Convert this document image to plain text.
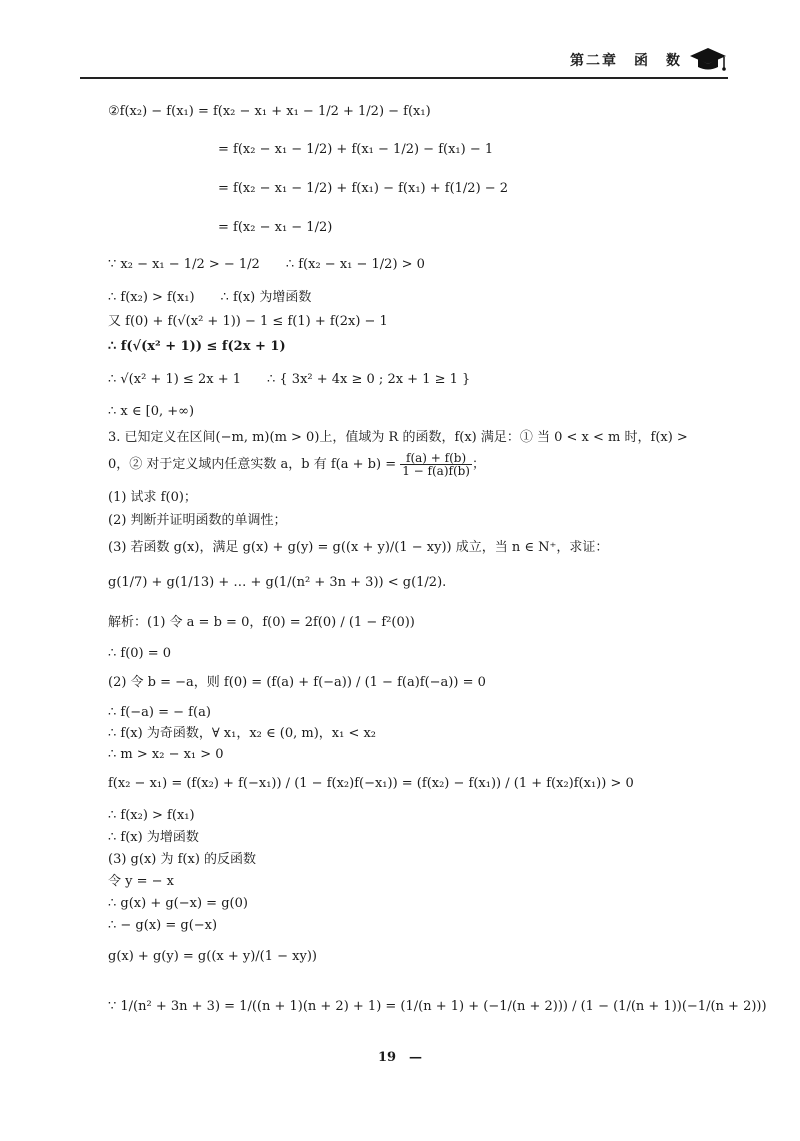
第二章　函　数
②f(x₂) − f(x₁) = f(x₂ − x₁ + x₁ − 1/2 + 1/2) − f(x₁)
= f(x₂ − x₁ − 1/2) + f(x₁ − 1/2) − f(x₁) − 1
= f(x₂ − x₁ − 1/2) + f(x₁) − f(x₁) + f(1/2) − 2
= f(x₂ − x₁ − 1/2)
∵ x₂ − x₁ − 1/2 > − 1/2　　∴ f(x₂ − x₁ − 1/2) > 0
∴ f(x₂) > f(x₁)　　∴ f(x) 为增函数
又 f(0) + f(√(x² + 1)) − 1 ≤ f(1) + f(2x) − 1
∴ f(√(x² + 1)) ≤ f(2x + 1)
∴ √(x² + 1) ≤ 2x + 1　　∴ { 3x² + 4x ≥ 0 ; 2x + 1 ≥ 1 }
∴ x ∈ [0, +∞)
3. 已知定义在区间(−m, m)(m > 0)上，值域为 R 的函数，f(x) 满足：① 当 0 < x < m 时，f(x) >
0，② 对于定义域内任意实数 a，b 有 $f(a + b) = \frac{f(a) + f(b)}{1 - f(a)f(b)}$ ；
(1) 试求 f(0)；
(2) 判断并证明函数的单调性；
(3) 若函数 g(x)，满足 g(x) + g(y) = g((x + y)/(1 − xy)) 成立，当 n ∈ N⁺，求证：
g(1/7) + g(1/13) + … + g(1/(n² + 3n + 3)) < g(1/2).
解析：(1) 令 a = b = 0，f(0) = 2f(0) / (1 − f²(0))
∴ f(0) = 0
(2) 令 b = −a，则 f(0) = (f(a) + f(−a)) / (1 − f(a)f(−a)) = 0
∴ f(−a) = − f(a)
∴ f(x) 为奇函数，∀ x₁，x₂ ∈ (0, m)，x₁ < x₂
∴ m > x₂ − x₁ > 0
f(x₂ − x₁) = (f(x₂) + f(−x₁)) / (1 − f(x₂)f(−x₁)) = (f(x₂) − f(x₁)) / (1 + f(x₂)f(x₁)) > 0
∴ f(x₂) > f(x₁)
∴ f(x) 为增函数
(3) g(x) 为 f(x) 的反函数
令 y = − x
∴ g(x) + g(−x) = g(0)
∴ − g(x) = g(−x)
g(x) + g(y) = g((x + y)/(1 − xy))
∵ 1/(n² + 3n + 3) = 1/((n + 1)(n + 2) + 1) = (1/(n + 1) + (−1/(n + 2))) / (1 − (1/(n + 1))(−1/(n + 2)))
19　—
